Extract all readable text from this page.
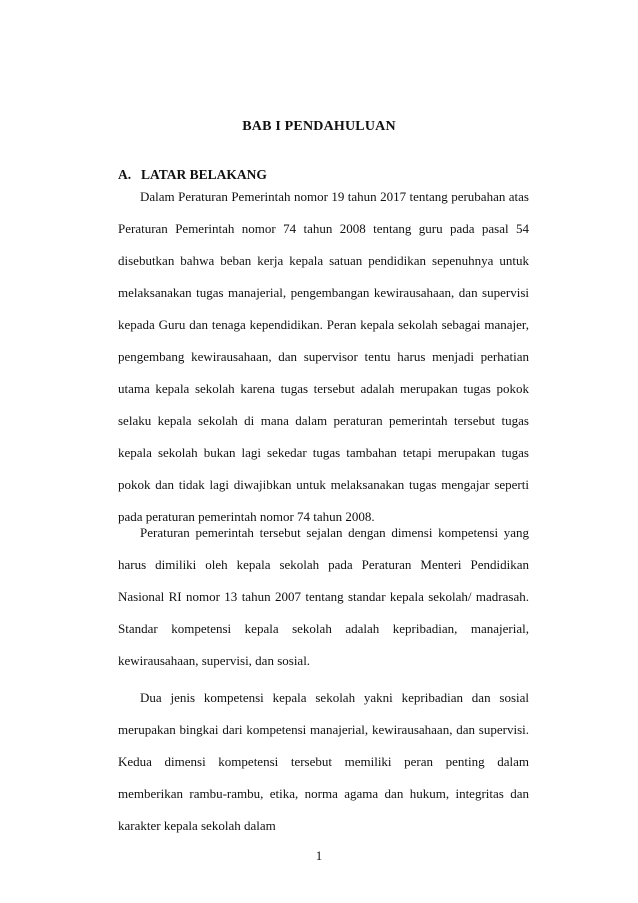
BAB I PENDAHULUAN
A. LATAR BELAKANG

Dalam Peraturan Pemerintah nomor 19 tahun 2017 tentang perubahan atas Peraturan Pemerintah nomor 74 tahun 2008 tentang guru pada pasal 54 disebutkan bahwa beban kerja kepala satuan pendidikan sepenuhnya untuk melaksanakan tugas manajerial, pengembangan kewirausahaan, dan supervisi kepada Guru dan tenaga kependidikan. Peran kepala sekolah sebagai manajer, pengembang kewirausahaan, dan supervisor tentu harus menjadi perhatian utama kepala sekolah karena tugas tersebut adalah merupakan tugas pokok selaku kepala sekolah di mana dalam peraturan pemerintah tersebut tugas kepala sekolah bukan lagi sekedar tugas tambahan tetapi merupakan tugas pokok dan tidak lagi diwajibkan untuk melaksanakan tugas mengajar seperti pada peraturan pemerintah nomor 74 tahun 2008.

Peraturan pemerintah tersebut sejalan dengan dimensi kompetensi yang harus dimiliki oleh kepala sekolah pada Peraturan Menteri Pendidikan Nasional RI nomor 13 tahun 2007 tentang standar kepala sekolah/ madrasah. Standar kompetensi kepala sekolah adalah kepribadian, manajerial, kewirausahaan, supervisi, dan sosial.

Dua jenis kompetensi kepala sekolah yakni kepribadian dan sosial merupakan bingkai dari kompetensi manajerial, kewirausahaan, dan supervisi. Kedua dimensi kompetensi tersebut memiliki peran penting dalam memberikan rambu-rambu, etika, norma agama dan hukum, integritas dan karakter kepala sekolah dalam

1
